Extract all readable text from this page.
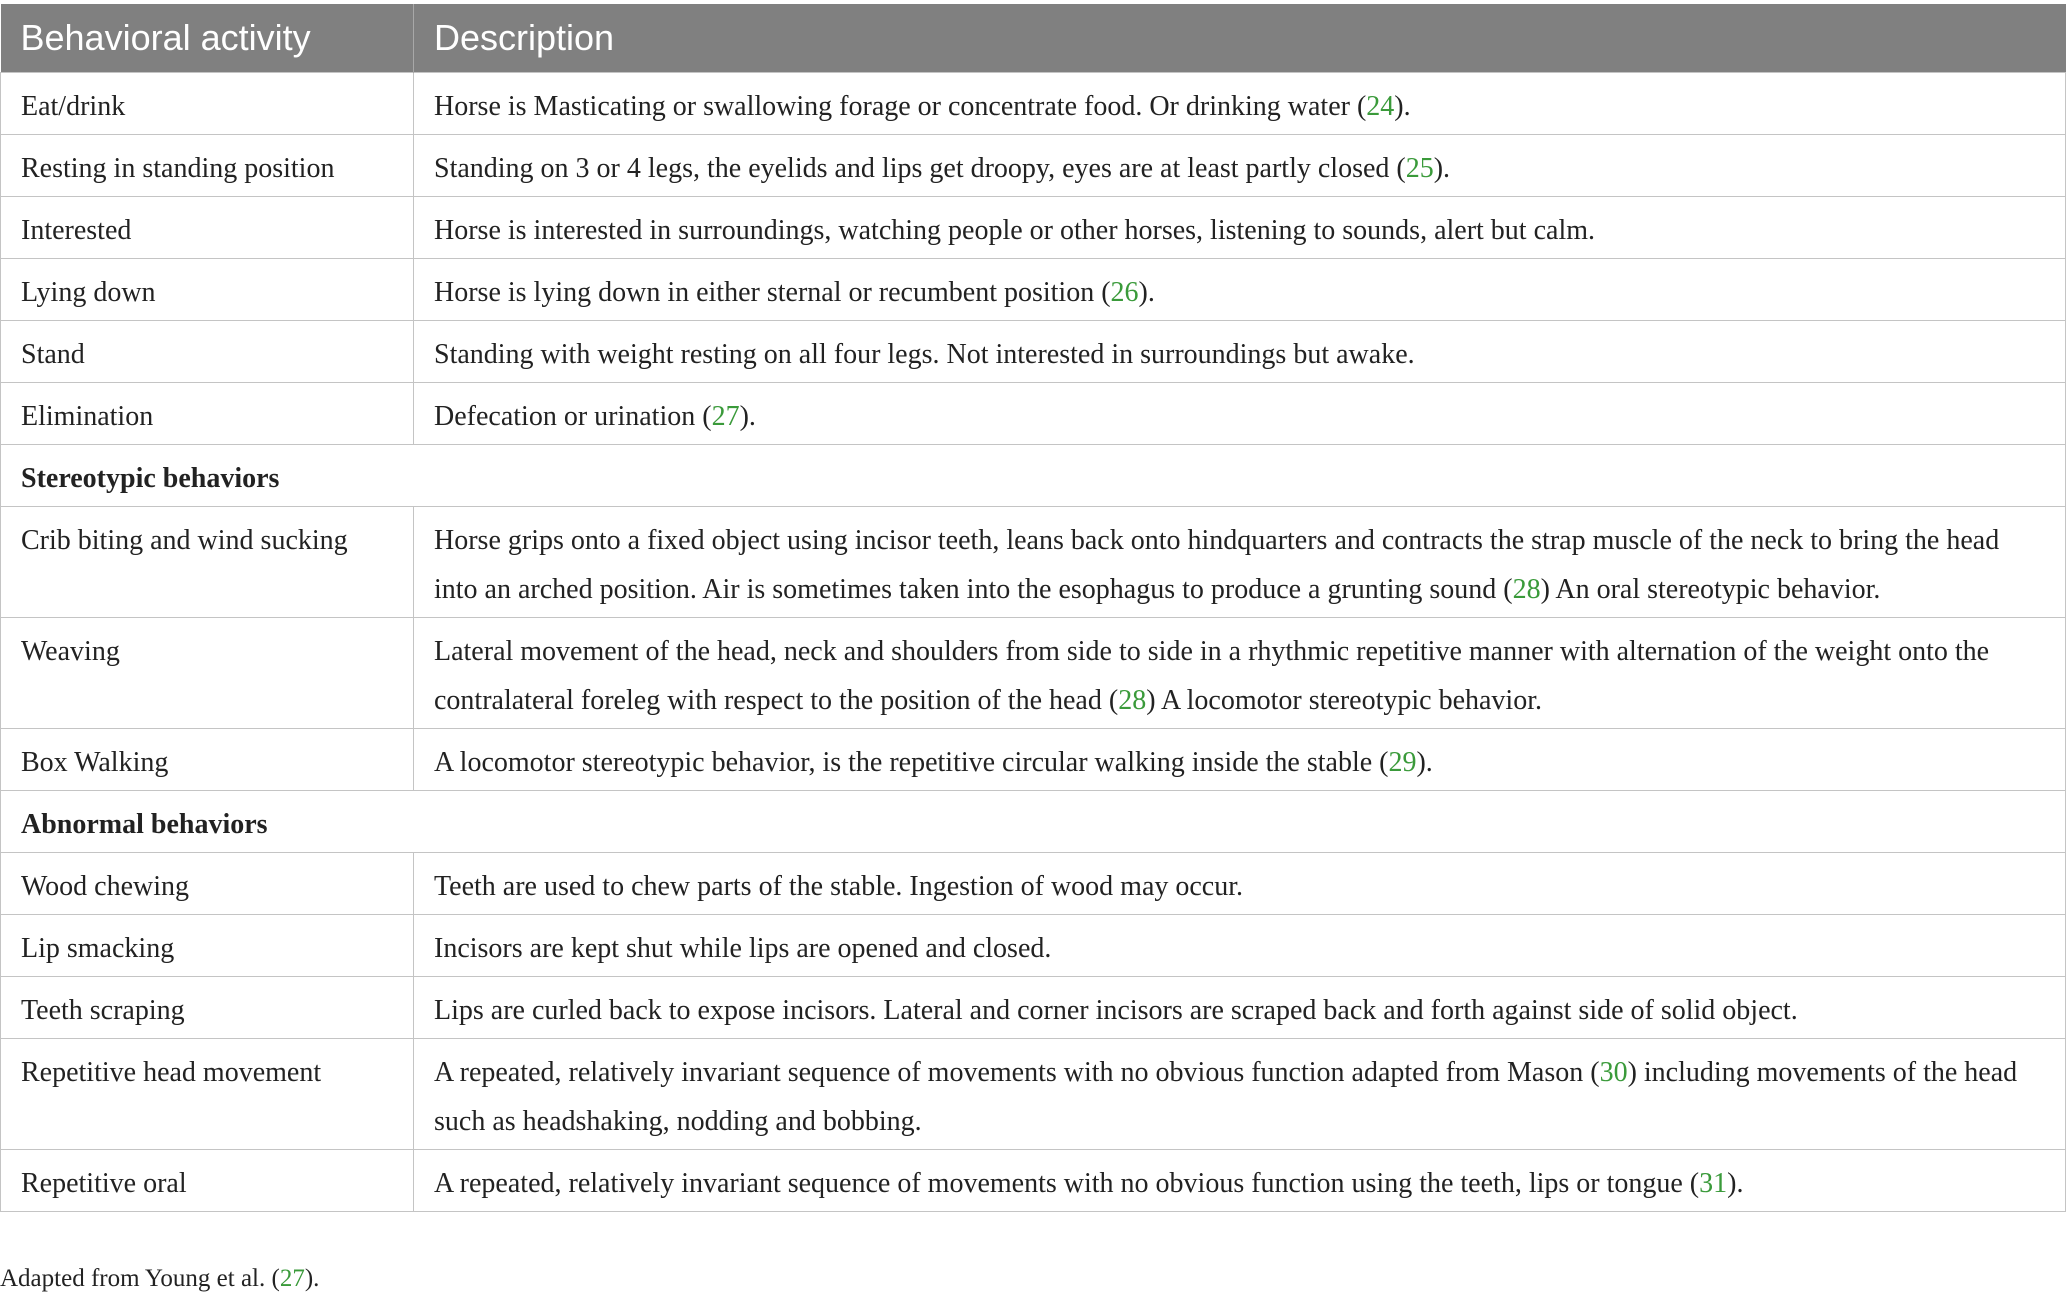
Behavioral activity	Description
Eat/drink	Horse is Masticating or swallowing forage or concentrate food. Or drinking water (24).
Resting in standing position	Standing on 3 or 4 legs, the eyelids and lips get droopy, eyes are at least partly closed (25).
Interested	Horse is interested in surroundings, watching people or other horses, listening to sounds, alert but calm.
Lying down	Horse is lying down in either sternal or recumbent position (26).
Stand	Standing with weight resting on all four legs. Not interested in surroundings but awake.
Elimination	Defecation or urination (27).
Stereotypic behaviors	
Crib biting and wind sucking	Horse grips onto a fixed object using incisor teeth, leans back onto hindquarters and contracts the strap muscle of the neck to bring the head into an arched position. Air is sometimes taken into the esophagus to produce a grunting sound (28) An oral stereotypic behavior.
Weaving	Lateral movement of the head, neck and shoulders from side to side in a rhythmic repetitive manner with alternation of the weight onto the contralateral foreleg with respect to the position of the head (28) A locomotor stereotypic behavior.
Box Walking	A locomotor stereotypic behavior, is the repetitive circular walking inside the stable (29).
Abnormal behaviors	
Wood chewing	Teeth are used to chew parts of the stable. Ingestion of wood may occur.
Lip smacking	Incisors are kept shut while lips are opened and closed.
Teeth scraping	Lips are curled back to expose incisors. Lateral and corner incisors are scraped back and forth against side of solid object.
Repetitive head movement	A repeated, relatively invariant sequence of movements with no obvious function adapted from Mason (30) including movements of the head such as headshaking, nodding and bobbing.
Repetitive oral	A repeated, relatively invariant sequence of movements with no obvious function using the teeth, lips or tongue (31).
Adapted from Young et al. (27).
